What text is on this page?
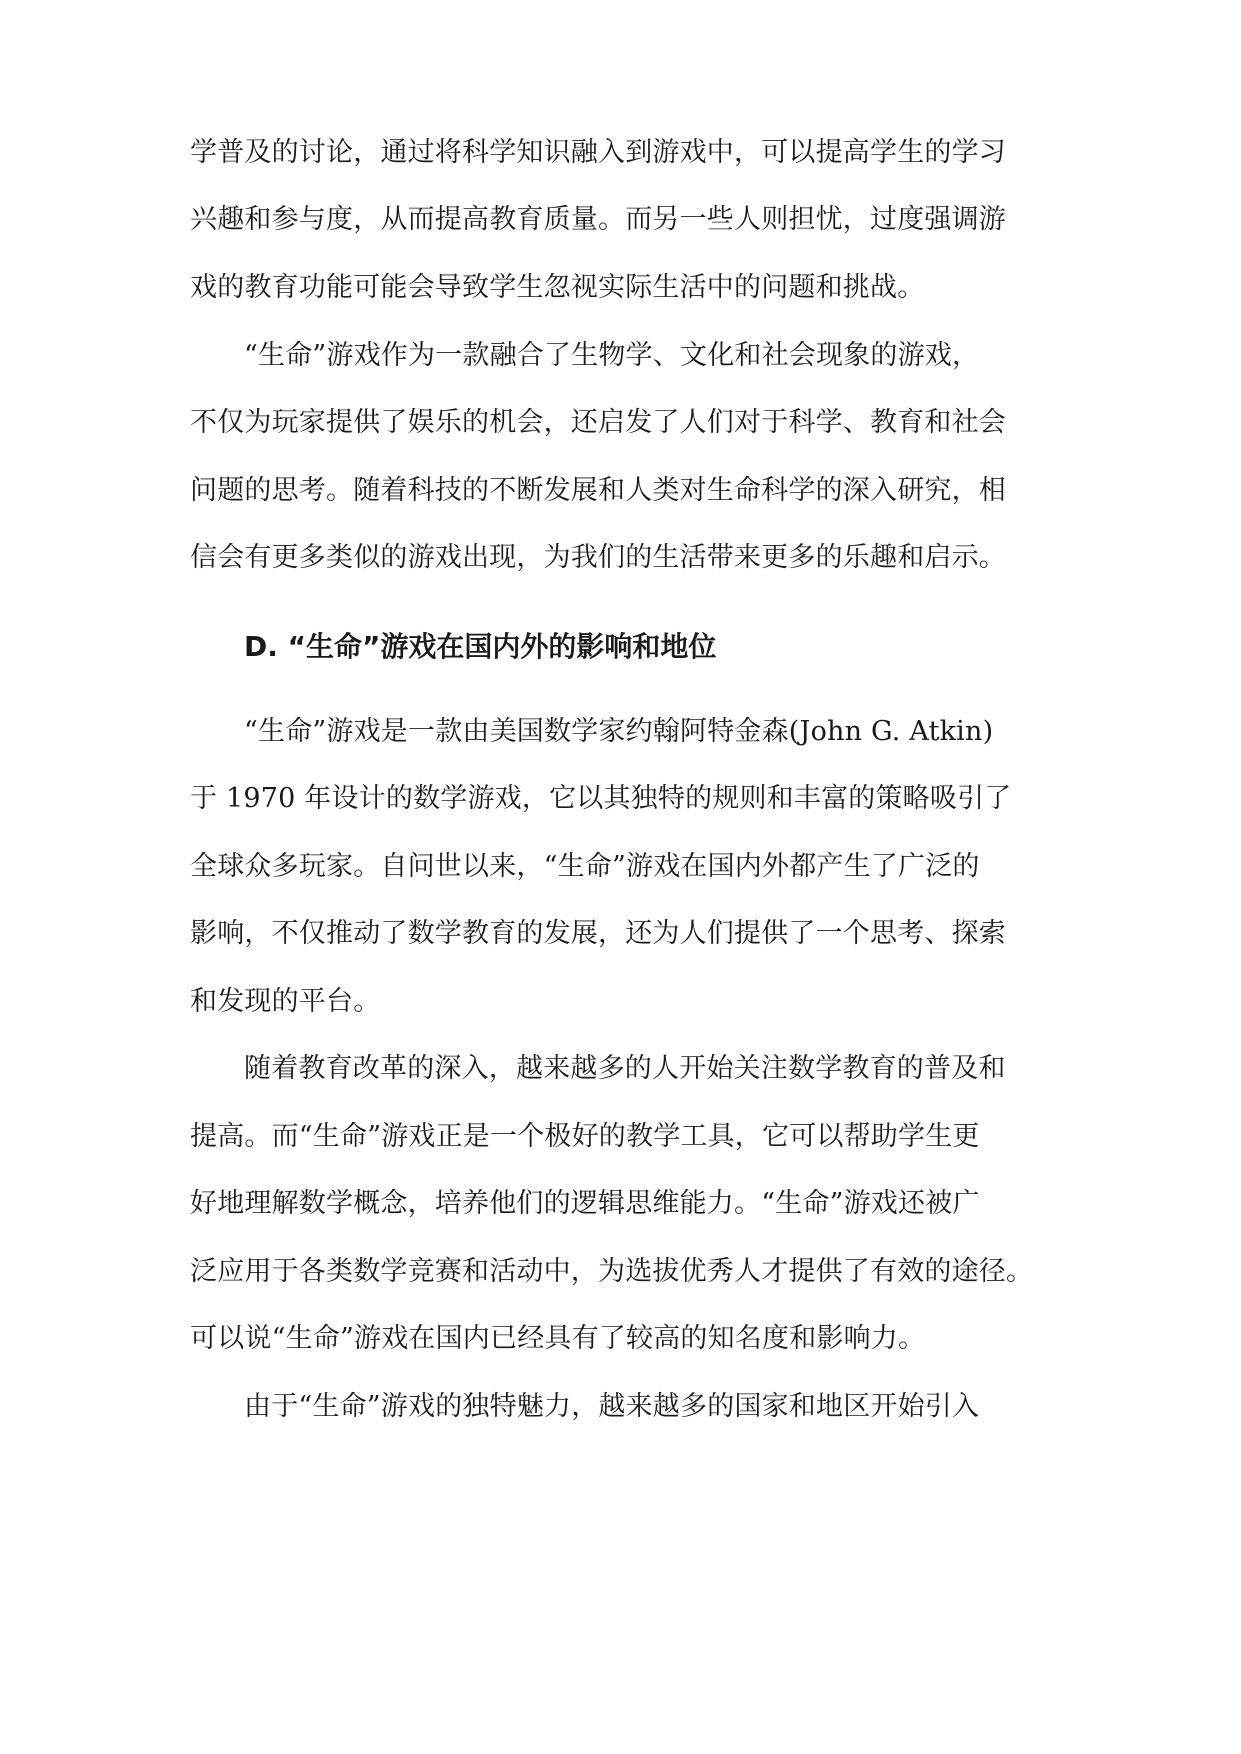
学普及的讨论，通过将科学知识融入到游戏中，可以提高学生的学习
兴趣和参与度，从而提高教育质量。而另一些人则担忧，过度强调游
戏的教育功能可能会导致学生忽视实际生活中的问题和挑战。
“生命”游戏作为一款融合了生物学、文化和社会现象的游戏，
不仅为玩家提供了娱乐的机会，还启发了人们对于科学、教育和社会
问题的思考。随着科技的不断发展和人类对生命科学的深入研究，相
信会有更多类似的游戏出现，为我们的生活带来更多的乐趣和启示。
D. “生命”游戏在国内外的影响和地位
“生命”游戏是一款由美国数学家约翰阿特金森(John G. Atkin)
于 1970 年设计的数学游戏，它以其独特的规则和丰富的策略吸引了
全球众多玩家。自问世以来，“生命”游戏在国内外都产生了广泛的
影响，不仅推动了数学教育的发展，还为人们提供了一个思考、探索
和发现的平台。
随着教育改革的深入，越来越多的人开始关注数学教育的普及和
提高。而“生命”游戏正是一个极好的教学工具，它可以帮助学生更
好地理解数学概念，培养他们的逻辑思维能力。“生命”游戏还被广
泛应用于各类数学竞赛和活动中，为选拔优秀人才提供了有效的途径。
可以说“生命”游戏在国内已经具有了较高的知名度和影响力。
由于“生命”游戏的独特魅力，越来越多的国家和地区开始引入
